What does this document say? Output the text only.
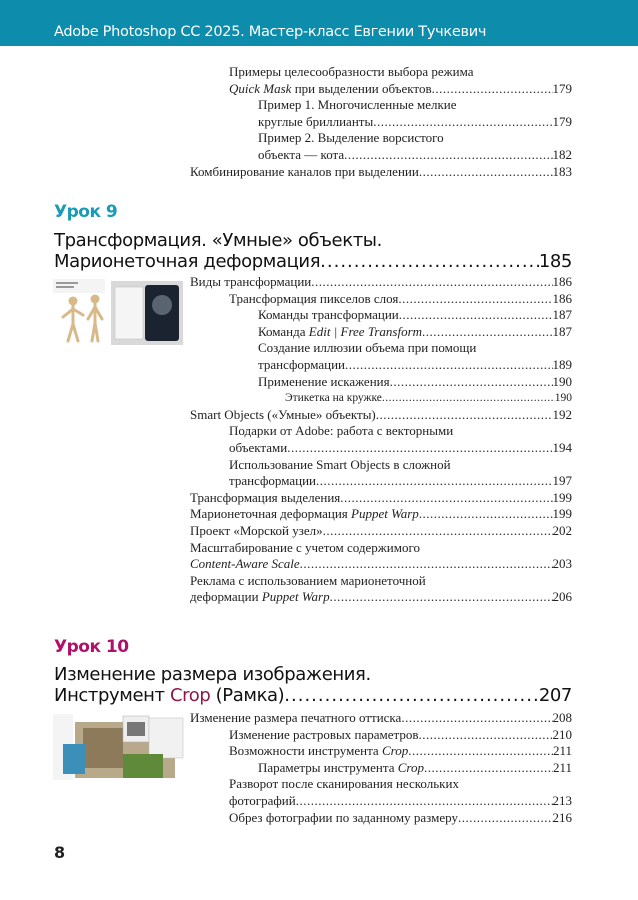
Adobe Photoshop CC 2025. Мастер-класс Евгении Тучкевич
Примеры целесообразности выбора режима
Quick Mask при выделении объектов .....	179
Пример 1. Многочисленные мелкие
круглые бриллианты .....	179
Пример 2. Выделение ворсистого
объекта — кота .....	182
Комбинирование каналов при выделении .....	183
Урок 9
Трансформация. «Умные» объекты.
Марионеточная деформация .....	185
Виды трансформации .....	186
Трансформация пикселов слоя .....	186
Команды трансформации .....	187
Команда Edit | Free Transform .....	187
Создание иллюзии объема при помощи
трансформации .....	189
Применение искажения .....	190
Этикетка на кружке .....	190
Smart Objects («Умные» объекты) .....	192
Подарки от Adobe: работа с векторными
объектами .....	194
Использование Smart Objects в сложной
трансформации .....	197
Трансформация выделения .....	199
Марионеточная деформация Puppet Warp .....	199
Проект «Морской узел» .....	202
Масштабирование с учетом содержимого
Content-Aware Scale .....	203
Реклама с использованием марионеточной
деформации Puppet Warp .....	206
Урок 10
Изменение размера изображения.
Инструмент Crop (Рамка) .....	207
Изменение размера печатного оттиска .....	208
Изменение растровых параметров .....	210
Возможности инструмента Crop .....	211
Параметры инструмента Crop .....	211
Разворот после сканирования нескольких
фотографий .....	213
Обрез фотографии по заданному размеру .....	216
8
